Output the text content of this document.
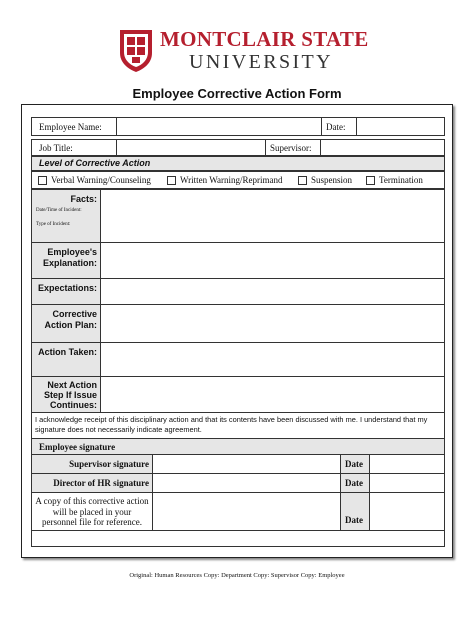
MONTCLAIR STATE
UNIVERSITY
Employee Corrective Action Form
Employee Name:	Date:
Job Title:	Supervisor:
Level of Corrective Action
Verbal Warning/Counseling	Written Warning/Reprimand	Suspension	Termination
Facts:
Date/Time of Incident:
Type of Incident:
Employee's Explanation:
Expectations:
Corrective Action Plan:
Action Taken:
Next Action Step If Issue Continues:
I acknowledge receipt of this disciplinary action and that its contents have been discussed with me. I understand that my signature does not necessarily indicate agreement.
Employee signature
Supervisor signature	Date
Director of HR signature	Date
A copy of this corrective action will be placed in your personnel file for reference.	Date
Original: Human Resources Copy: Department Copy: Supervisor Copy: Employee
